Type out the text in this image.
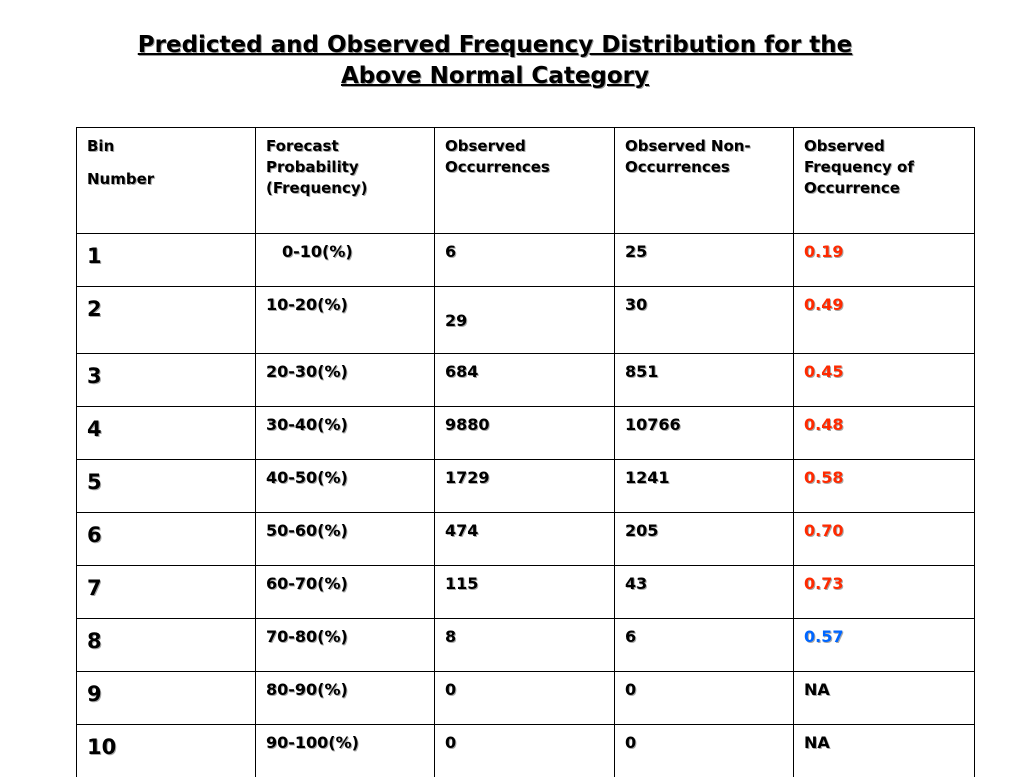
Predicted and Observed Frequency Distribution for the
Above Normal Category
Bin
Number	Forecast Probability (Frequency)	Observed Occurrences	Observed Non-Occurrences	Observed Frequency of Occurrence
1	0-10(%)	6	25	0.19
2	10-20(%)	29	30	0.49
3	20-30(%)	684	851	0.45
4	30-40(%)	9880	10766	0.48
5	40-50(%)	1729	1241	0.58
6	50-60(%)	474	205	0.70
7	60-70(%)	115	43	0.73
8	70-80(%)	8	6	0.57
9	80-90(%)	0	0	NA
10	90-100(%)	0	0	NA
